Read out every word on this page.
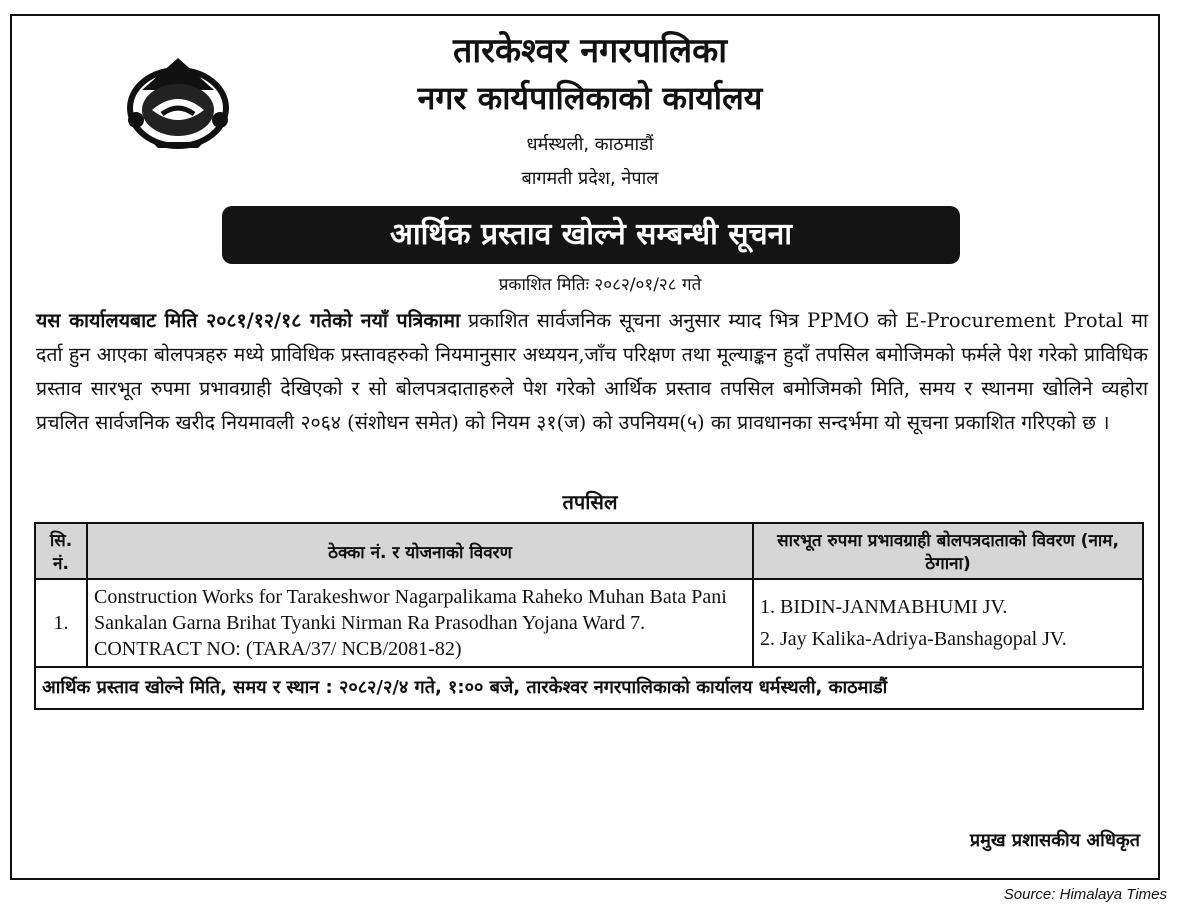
तारकेश्वर नगरपालिका
नगर कार्यपालिकाको कार्यालय
धर्मस्थली, काठमाडौं
बागमती प्रदेश, नेपाल
आर्थिक प्रस्ताव खोल्ने सम्बन्धी सूचना
प्रकाशित मितिः २०८२/०१/२८ गते
यस कार्यालयबाट मिति २०८१/१२/१८ गतेको नयाँ पत्रिकामा प्रकाशित सार्वजनिक सूचना अनुसार म्याद भित्र PPMO को E-Procurement Protal मा दर्ता हुन आएका बोलपत्रहरु मध्ये प्राविधिक प्रस्तावहरुको नियमानुसार अध्ययन,जाँच परिक्षण तथा मूल्याङ्कन हुदाँ तपसिल बमोजिमको फर्मले पेश गरेको प्राविधिक प्रस्ताव सारभूत रुपमा प्रभावग्राही देखिएको र सो बोलपत्रदाताहरुले पेश गरेको आर्थिक प्रस्ताव तपसिल बमोजिमको मिति, समय र स्थानमा खोलिने व्यहोरा प्रचलित सार्वजनिक खरीद नियमावली २०६४ (संशोधन समेत) को नियम ३१(ज) को उपनियम(५) का प्रावधानका सन्दर्भमा यो सूचना प्रकाशित गरिएको छ ।
तपसिल
सि. नं.	ठेक्का नं. र योजनाको विवरण	सारभूत रुपमा प्रभावग्राही बोलपत्रदाताको विवरण (नाम, ठेगाना)
1.	Construction Works for Tarakeshwor Nagarpalikama Raheko Muhan Bata Pani Sankalan Garna Brihat Tyanki Nirman Ra Prasodhan Yojana Ward 7. CONTRACT NO: (TARA/37/ NCB/2081-82)	1. BIDIN-JANMABHUMI JV.
2. Jay Kalika-Adriya-Banshagopal JV.

आर्थिक प्रस्ताव खोल्ने मिति, समय र स्थान : २०८२/२/४ गते, १:०० बजे, तारकेश्वर नगरपालिकाको कार्यालय धर्मस्थली, काठमाडौं		
प्रमुख प्रशासकीय अधिकृत
Source: Himalaya Times
